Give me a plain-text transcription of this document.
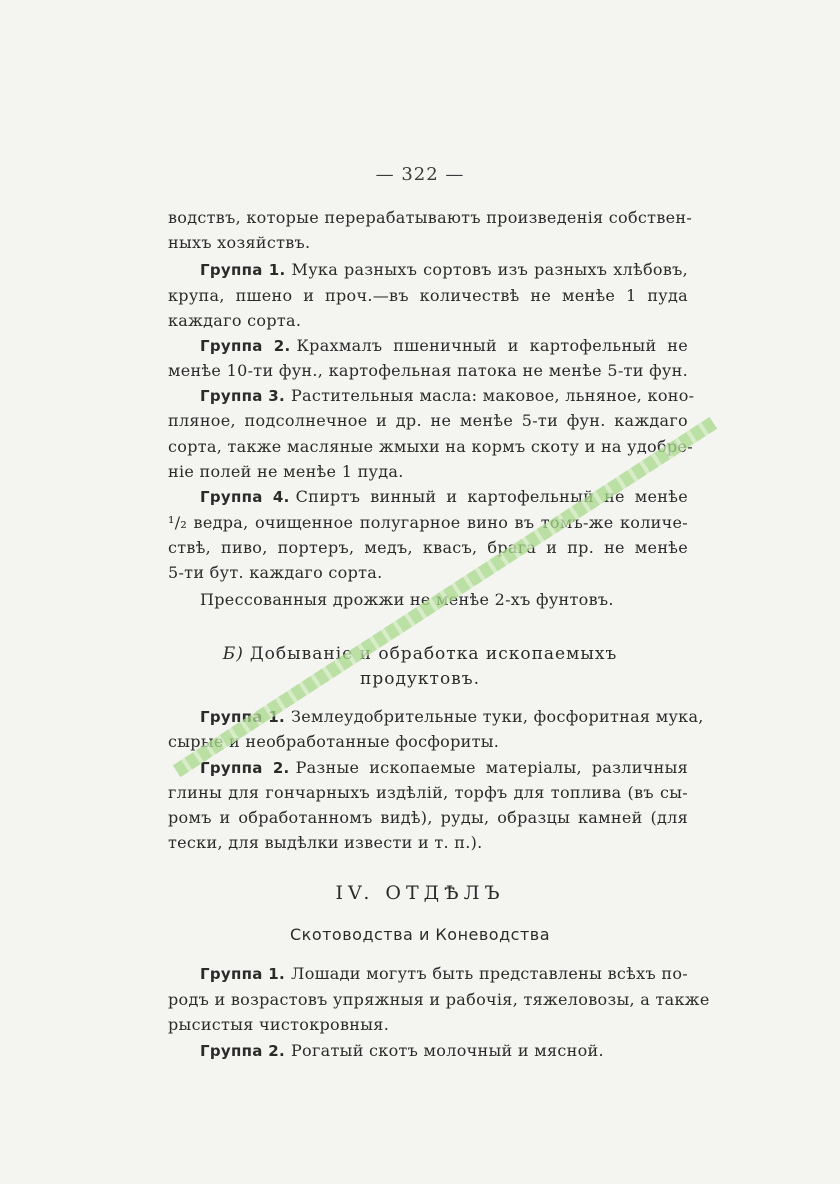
— 322 —
водствъ, которые перерабатываютъ произведенія собствен-
ныхъ хозяйствъ.
Группа 1. Мука разныхъ сортовъ изъ разныхъ хлѣбовъ,
крупа, пшено и проч.—въ количествѣ не менѣе 1 пуда
каждаго сорта.
Группа 2. Крахмалъ пшеничный и картофельный не
менѣе 10-ти фун., картофельная патока не менѣе 5-ти фун.
Группа 3. Растительныя масла: маковое, льняное, коно-
пляное, подсолнечное и др. не менѣе 5-ти фун. каждаго
сорта, также масляные жмыхи на кормъ скоту и на удобре-
ніе полей не менѣе 1 пуда.
Группа 4. Спиртъ винный и картофельный не менѣе
¹/₂ ведра, очищенное полугарное вино въ томъ-же количе-
ствѣ, пиво, портеръ, медъ, квасъ, брага и пр. не менѣе
5-ти бут. каждаго сорта.
Прессованныя дрожжи не менѣе 2-хъ фунтовъ.
Б) Добываніе и обработка ископаемыхъ
продуктовъ.
Группа 1. Землеудобрительные туки, фосфоритная мука,
сырые и необработанные фосфориты.
Группа 2. Разные ископаемые матеріалы, различныя
глины для гончарныхъ издѣлій, торфъ для топлива (въ сы-
ромъ и обработанномъ видѣ), руды, образцы камней (для
тески, для выдѣлки извести и т. п.).
IV. ОТДѢЛЪ
Скотоводства и Коневодства
Группа 1. Лошади могутъ быть представлены всѣхъ по-
родъ и возрастовъ упряжныя и рабочія, тяжеловозы, а также
рысистыя чистокровныя.
Группа 2. Рогатый скотъ молочный и мясной.
